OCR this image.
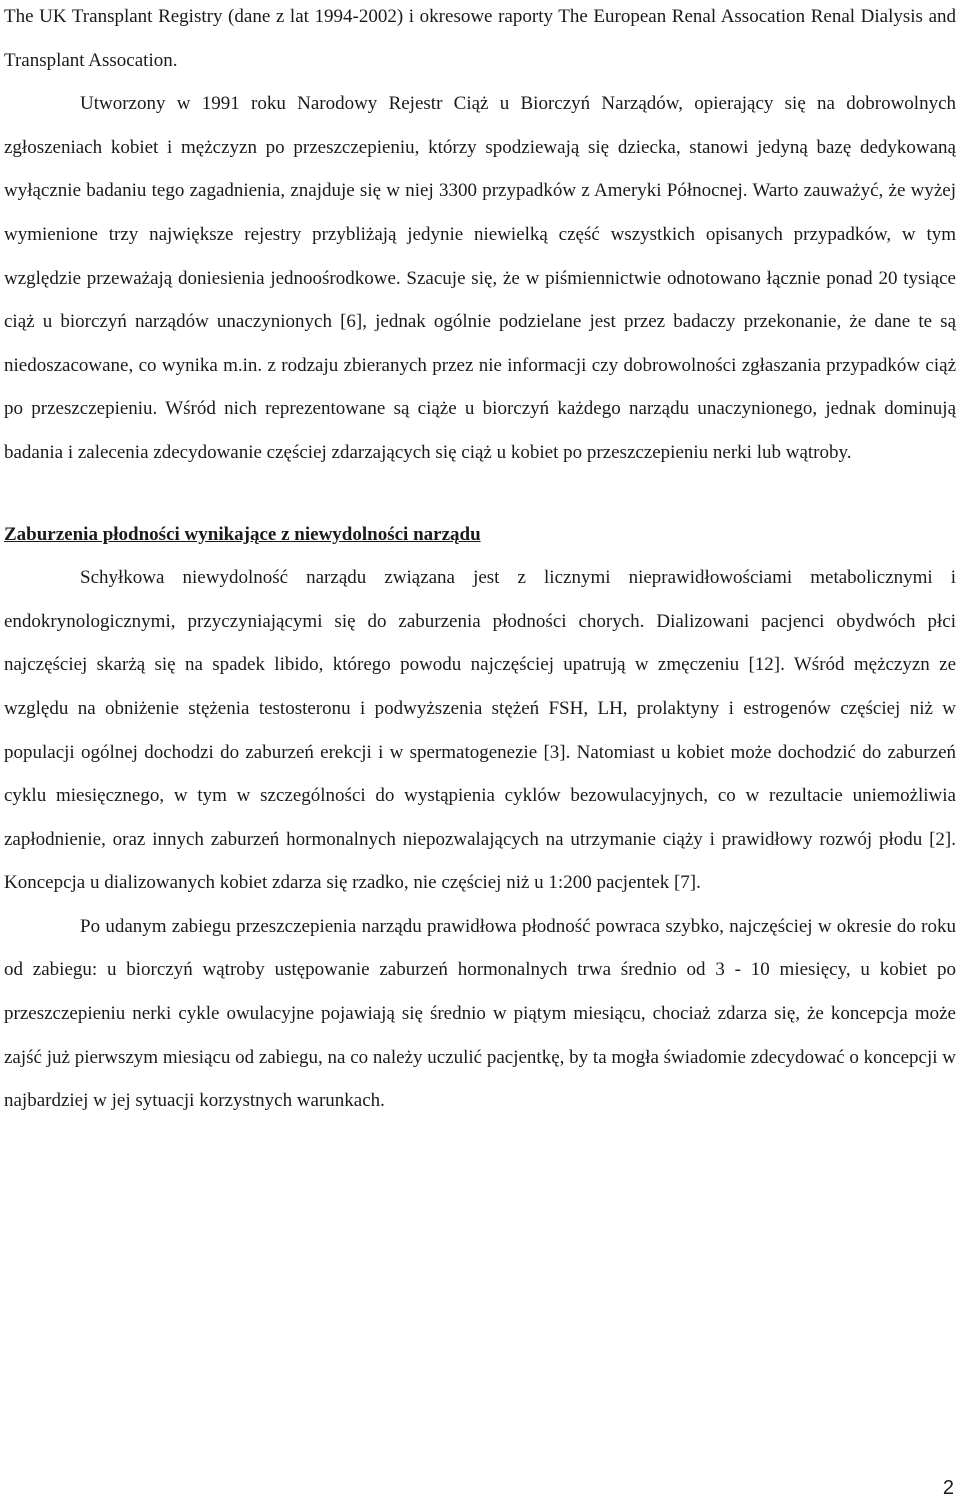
The UK Transplant Registry (dane z lat 1994-2002) i okresowe raporty The European Renal Assocation Renal Dialysis and Transplant Assocation.

Utworzony w 1991 roku Narodowy Rejestr Ciąż u Biorczyń Narządów, opierający się na dobrowolnych zgłoszeniach kobiet i mężczyzn po przeszczepieniu, którzy spodziewają się dziecka, stanowi jedyną bazę dedykowaną wyłącznie badaniu tego zagadnienia, znajduje się w niej 3300 przypadków z Ameryki Północnej. Warto zauważyć, że wyżej wymienione trzy największe rejestry przybliżają jedynie niewielką część wszystkich opisanych przypadków, w tym względzie przeważają doniesienia jednoośrodkowe. Szacuje się, że w piśmiennictwie odnotowano łącznie ponad 20 tysiące ciąż u biorczyń narządów unaczynionych [6], jednak ogólnie podzielane jest przez badaczy przekonanie, że dane te są niedoszacowane, co wynika m.in. z rodzaju zbieranych przez nie informacji czy dobrowolności zgłaszania przypadków ciąż po przeszczepieniu. Wśród nich reprezentowane są ciąże u biorczyń każdego narządu unaczynionego, jednak dominują badania i zalecenia zdecydowanie częściej zdarzających się ciąż u kobiet po przeszczepieniu nerki lub wątroby.

Zaburzenia płodności wynikające z niewydolności narządu

Schyłkowa niewydolność narządu związana jest z licznymi nieprawidłowościami metabolicznymi i endokrynologicznymi, przyczyniającymi się do zaburzenia płodności chorych. Dializowani pacjenci obydwóch płci najczęściej skarżą się na spadek libido, którego powodu najczęściej upatrują w zmęczeniu [12]. Wśród mężczyzn ze względu na obniżenie stężenia testosteronu i podwyższenia stężeń FSH, LH, prolaktyny i estrogenów częściej niż w populacji ogólnej dochodzi do zaburzeń erekcji i w spermatogenezie [3]. Natomiast u kobiet może dochodzić do zaburzeń cyklu miesięcznego, w tym w szczególności do wystąpienia cyklów bezowulacyjnych, co w rezultacie uniemożliwia zapłodnienie, oraz innych zaburzeń hormonalnych niepozwalających na utrzymanie ciąży i prawidłowy rozwój płodu [2]. Koncepcja u dializowanych kobiet zdarza się rzadko, nie częściej niż u 1:200 pacjentek [7].

Po udanym zabiegu przeszczepienia narządu prawidłowa płodność powraca szybko, najczęściej w okresie do roku od zabiegu: u biorczyń wątroby ustępowanie zaburzeń hormonalnych trwa średnio od 3 - 10 miesięcy, u kobiet po przeszczepieniu nerki cykle owulacyjne pojawiają się średnio w piątym miesiącu, chociaż zdarza się, że koncepcja może zajść już pierwszym miesiącu od zabiegu, na co należy uczulić pacjentkę, by ta mogła świadomie zdecydować o koncepcji w najbardziej w jej sytuacji korzystnych warunkach.

2
